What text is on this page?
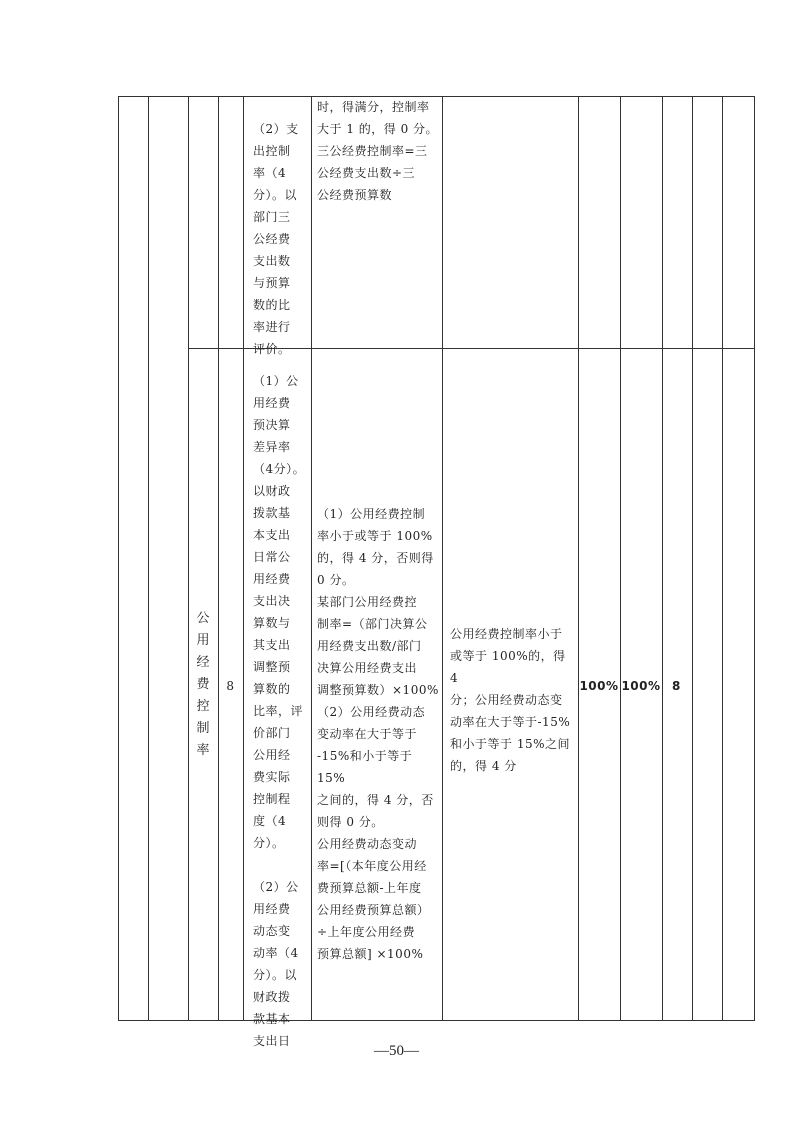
（2）支
出控制
率（4
分）。以
部门三
公经费
支出数
与预算
数的比
率进行
评价。
时，得满分，控制率
大于 1 的，得 0 分。
三公经费控制率=三
公经费支出数÷三
公经费预算数
公用经费控制率
8
（1）公
用经费
预决算
差异率
（4分）。
以财政
拨款基
本支出
日常公
用经费
支出决
算数与
其支出
调整预
算数的
比率，评
价部门
公用经
费实际
控制程
度（4
分）。

（2）公
用经费
动态变
动率（4
分）。以
财政拨
款基本
支出日
（1）公用经费控制
率小于或等于 100%
的，得 4 分，否则得
0 分。
某部门公用经费控
制率=（部门决算公
用经费支出数/部门
决算公用经费支出
调整预算数）×100%
（2）公用经费动态
变动率在大于等于
-15%和小于等于 15%
之间的，得 4 分，否
则得 0 分。
公用经费动态变动
率=[（本年度公用经
费预算总额-上年度
公用经费预算总额）
÷上年度公用经费
预算总额] ×100%
公用经费控制率小于
或等于 100%的，得 4
分；公用经费动态变
动率在大于等于-15%
和小于等于 15%之间
的，得 4 分
100% 100% 8
—50—
